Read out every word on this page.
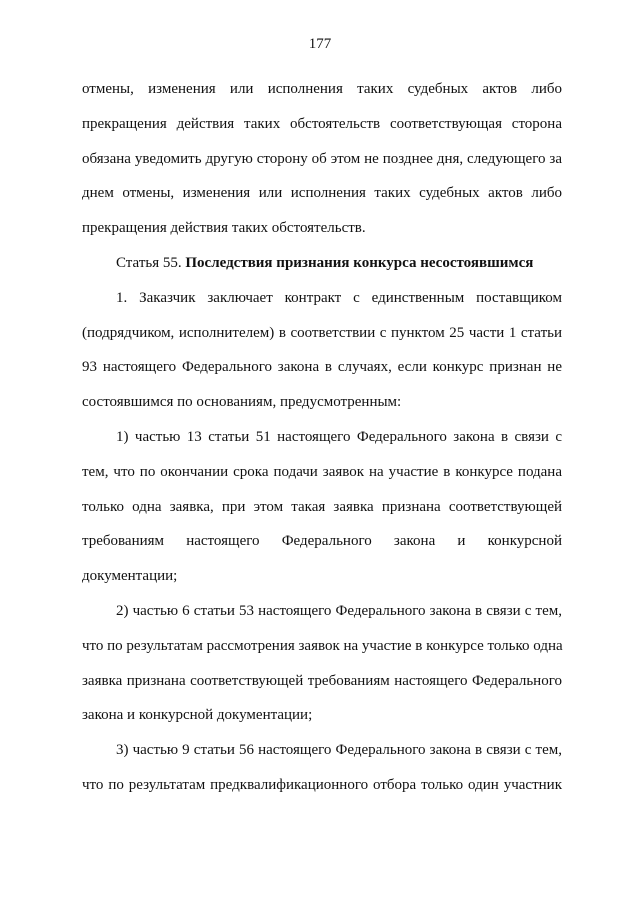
177

отмены, изменения или исполнения таких судебных актов либо
прекращения действия таких обстоятельств соответствующая сторона
обязана уведомить другую сторону об этом не позднее дня, следующего за
днем отмены, изменения или исполнения таких судебных актов либо
прекращения действия таких обстоятельств.

Статья 55. Последствия признания конкурса несостоявшимся

1. Заказчик заключает контракт с единственным поставщиком
(подрядчиком, исполнителем) в соответствии с пунктом 25 части 1 статьи
93 настоящего Федерального закона в случаях, если конкурс признан не
состоявшимся по основаниям, предусмотренным:

1) частью 13 статьи 51 настоящего Федерального закона в связи с
тем, что по окончании срока подачи заявок на участие в конкурсе подана
только одна заявка, при этом такая заявка признана соответствующей
требованиям настоящего Федерального закона и конкурсной
документации;

2) частью 6 статьи 53 настоящего Федерального закона в связи с тем,
что по результатам рассмотрения заявок на участие в конкурсе только одна
заявка признана соответствующей требованиям настоящего Федерального
закона и конкурсной документации;

3) частью 9 статьи 56 настоящего Федерального закона в связи с тем,
что по результатам предквалификационного отбора только один участник
